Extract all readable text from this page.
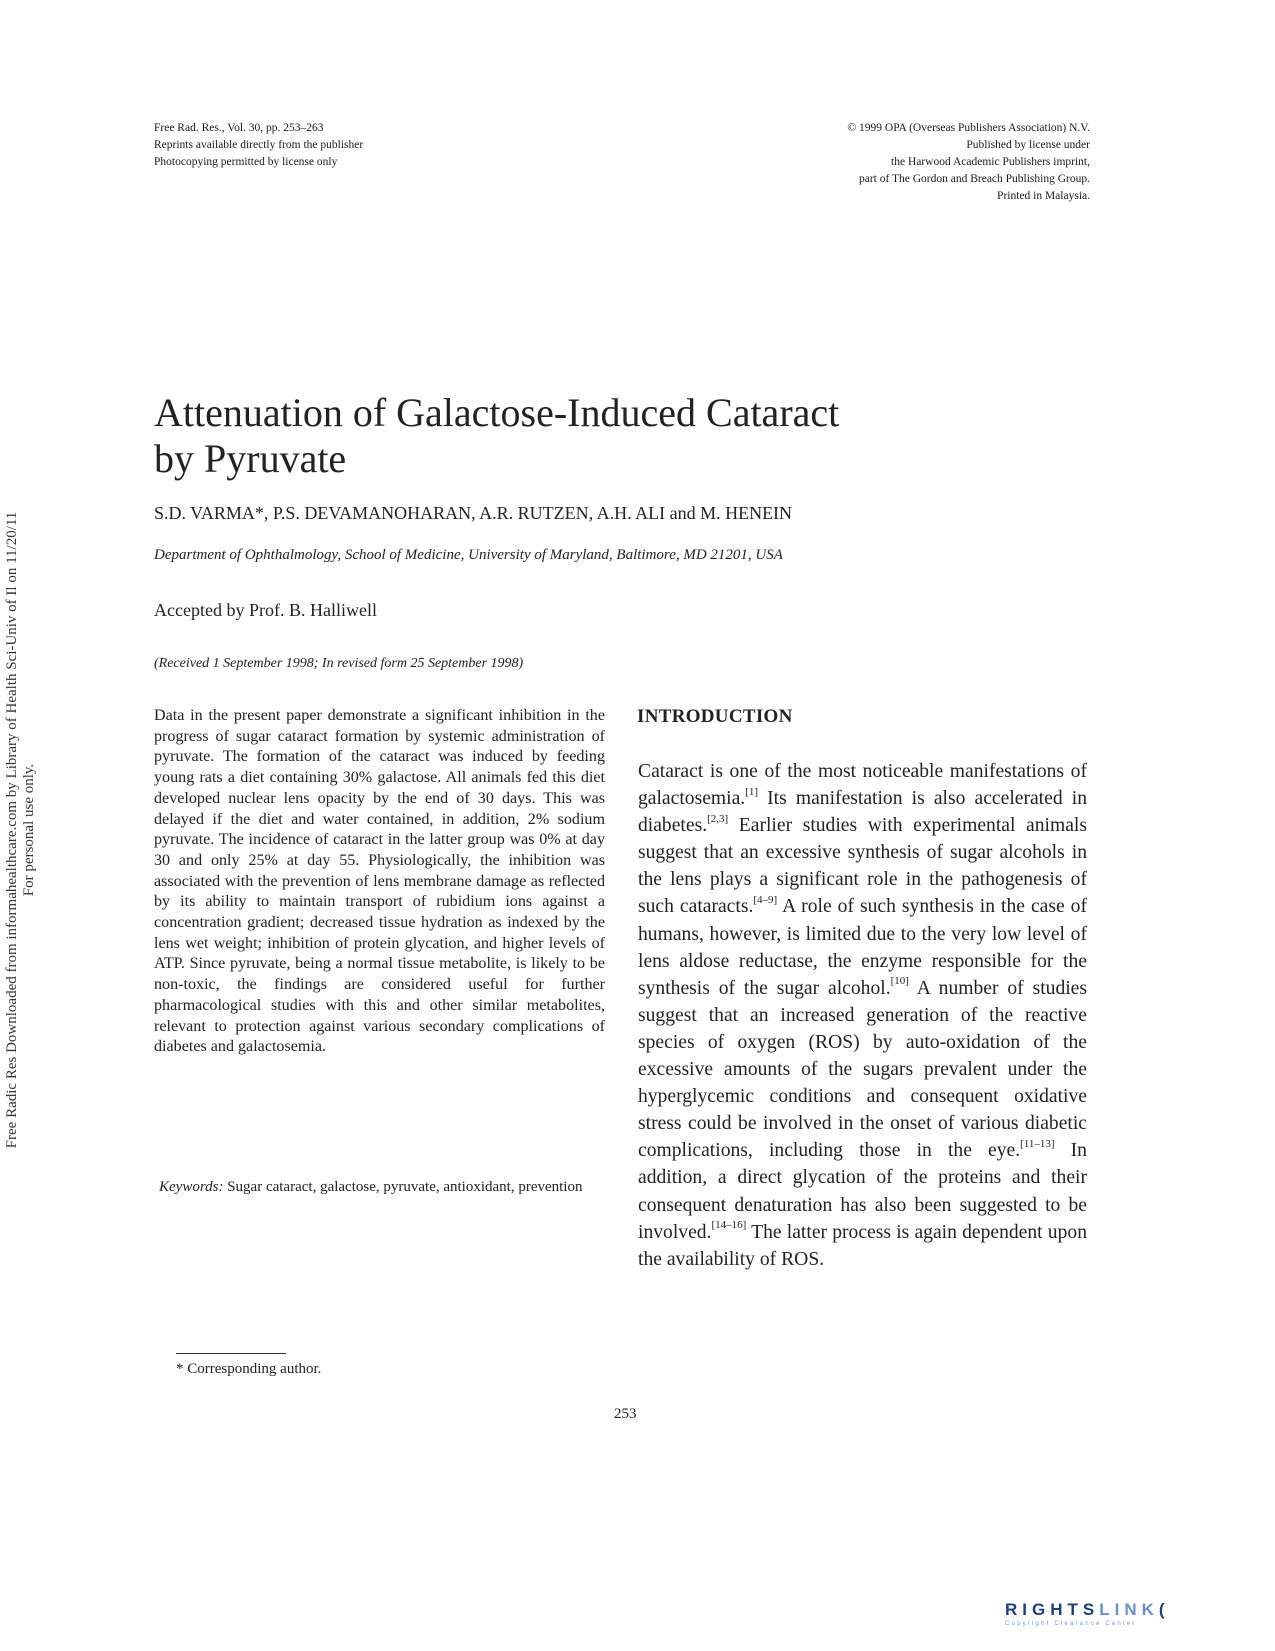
Free Rad. Res., Vol. 30, pp. 253–263
Reprints available directly from the publisher
Photocopying permitted by license only
© 1999 OPA (Overseas Publishers Association) N.V.
Published by license under
the Harwood Academic Publishers imprint,
part of The Gordon and Breach Publishing Group.
Printed in Malaysia.
Free Radic Res Downloaded from informahealthcare.com by Library of Health Sci-Univ of Il on 11/20/11 For personal use only.
Attenuation of Galactose-Induced Cataract
by Pyruvate
S.D. VARMA*, P.S. DEVAMANOHARAN, A.R. RUTZEN, A.H. ALI and M. HENEIN
Department of Ophthalmology, School of Medicine, University of Maryland, Baltimore, MD 21201, USA
Accepted by Prof. B. Halliwell
(Received 1 September 1998; In revised form 25 September 1998)
Data in the present paper demonstrate a significant inhibition in the progress of sugar cataract formation by systemic administration of pyruvate. The formation of the cataract was induced by feeding young rats a diet containing 30% galactose. All animals fed this diet developed nuclear lens opacity by the end of 30 days. This was delayed if the diet and water contained, in addition, 2% sodium pyruvate. The incidence of cataract in the latter group was 0% at day 30 and only 25% at day 55. Physiologically, the inhibition was associated with the prevention of lens membrane damage as reflected by its ability to maintain transport of rubidium ions against a concentration gradient; decreased tissue hydration as indexed by the lens wet weight; inhibition of protein glycation, and higher levels of ATP. Since pyruvate, being a normal tissue metabolite, is likely to be non-toxic, the findings are considered useful for further pharmacological studies with this and other similar metabolites, relevant to protection against various secondary complications of diabetes and galactosemia.
Keywords: Sugar cataract, galactose, pyruvate, antioxidant, prevention
INTRODUCTION
Cataract is one of the most noticeable manifestations of galactosemia.[1] Its manifestation is also accelerated in diabetes.[2,3] Earlier studies with experimental animals suggest that an excessive synthesis of sugar alcohols in the lens plays a significant role in the pathogenesis of such cataracts.[4–9] A role of such synthesis in the case of humans, however, is limited due to the very low level of lens aldose reductase, the enzyme responsible for the synthesis of the sugar alcohol.[10] A number of studies suggest that an increased generation of the reactive species of oxygen (ROS) by auto-oxidation of the excessive amounts of the sugars prevalent under the hyperglycemic conditions and consequent oxidative stress could be involved in the onset of various diabetic complications, including those in the eye.[11–13] In addition, a direct glycation of the proteins and their consequent denaturation has also been suggested to be involved.[14–16] The latter process is again dependent upon the availability of ROS.
* Corresponding author.
253
RIGHTSLINK(
Copyright Clearance Center
